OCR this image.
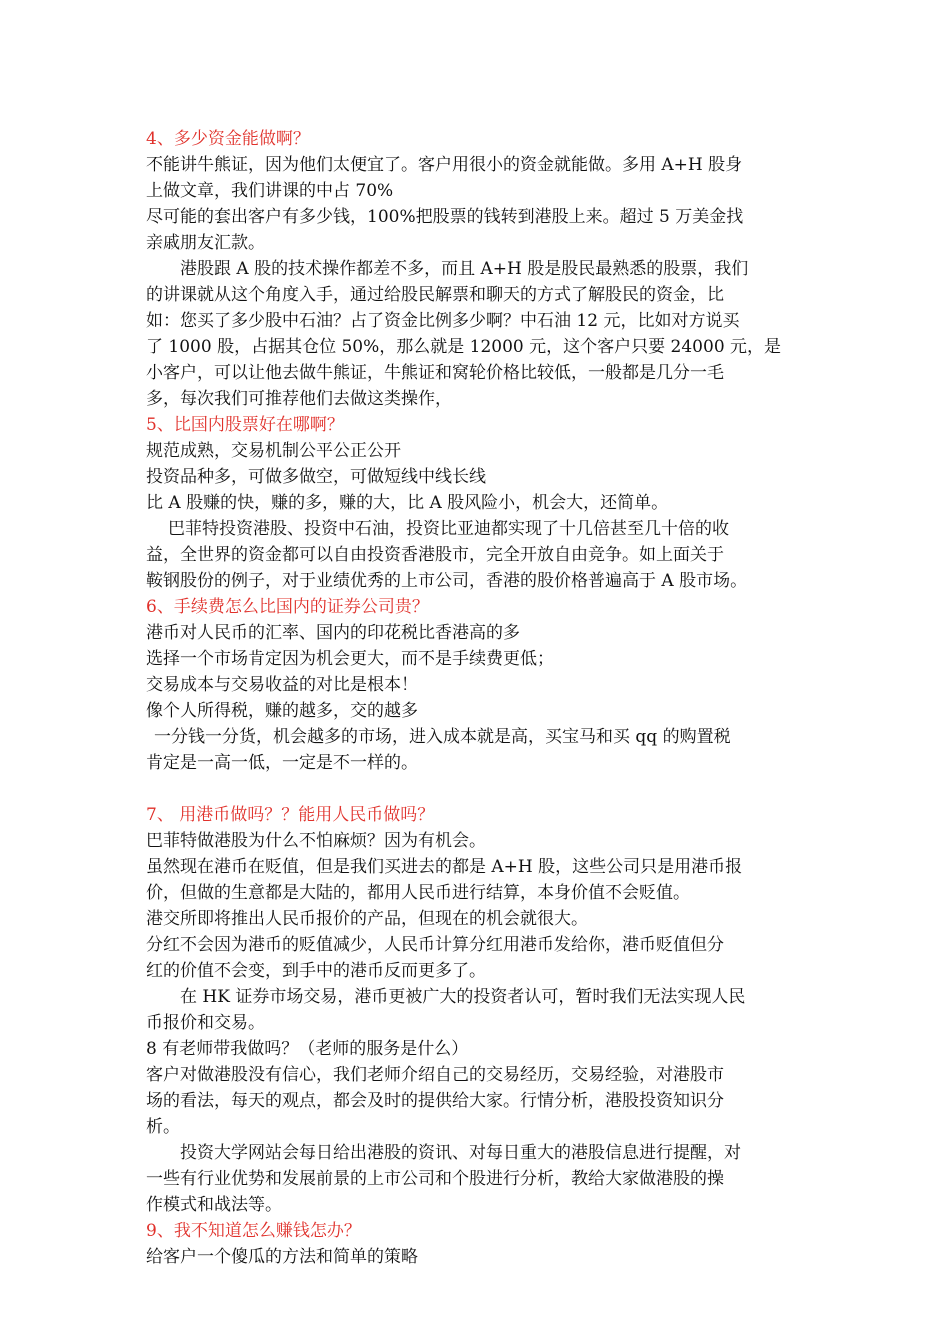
4、多少资金能做啊？
不能讲牛熊证，因为他们太便宜了。客户用很小的资金就能做。多用 A+H 股身
上做文章，我们讲课的中占 70%
尽可能的套出客户有多少钱，100%把股票的钱转到港股上来。超过 5 万美金找
亲戚朋友汇款。
港股跟 A 股的技术操作都差不多，而且 A+H 股是股民最熟悉的股票，我们
的讲课就从这个角度入手，通过给股民解票和聊天的方式了解股民的资金，比
如：您买了多少股中石油？占了资金比例多少啊？中石油 12 元，比如对方说买
了 1000 股，占据其仓位 50%，那么就是 12000 元，这个客户只要 24000 元，是
小客户，可以让他去做牛熊证，牛熊证和窝轮价格比较低，一般都是几分一毛
多，每次我们可推荐他们去做这类操作，
5、比国内股票好在哪啊？
规范成熟，交易机制公平公正公开
投资品种多，可做多做空，可做短线中线长线
比 A 股赚的快，赚的多，赚的大，比 A 股风险小，机会大，还简单。
巴菲特投资港股、投资中石油，投资比亚迪都实现了十几倍甚至几十倍的收
益，全世界的资金都可以自由投资香港股市，完全开放自由竞争。如上面关于
鞍钢股份的例子，对于业绩优秀的上市公司，香港的股价格普遍高于 A 股市场。
6、手续费怎么比国内的证券公司贵？
港币对人民币的汇率、国内的印花税比香港高的多
选择一个市场肯定因为机会更大，而不是手续费更低；
交易成本与交易收益的对比是根本！
像个人所得税，赚的越多，交的越多
一分钱一分货，机会越多的市场，进入成本就是高，买宝马和买 qq 的购置税
肯定是一高一低，一定是不一样的。
7、 用港币做吗？？能用人民币做吗？
巴菲特做港股为什么不怕麻烦？因为有机会。
虽然现在港币在贬值，但是我们买进去的都是 A+H 股，这些公司只是用港币报
价，但做的生意都是大陆的，都用人民币进行结算，本身价值不会贬值。
港交所即将推出人民币报价的产品，但现在的机会就很大。
分红不会因为港币的贬值减少，人民币计算分红用港币发给你，港币贬值但分
红的价值不会变，到手中的港币反而更多了。
在 HK 证券市场交易，港币更被广大的投资者认可，暂时我们无法实现人民
币报价和交易。
8 有老师带我做吗？（老师的服务是什么）
客户对做港股没有信心，我们老师介绍自己的交易经历，交易经验，对港股市
场的看法，每天的观点，都会及时的提供给大家。行情分析，港股投资知识分
析。
投资大学网站会每日给出港股的资讯、对每日重大的港股信息进行提醒，对
一些有行业优势和发展前景的上市公司和个股进行分析，教给大家做港股的操
作模式和战法等。
9、我不知道怎么赚钱怎办？
给客户一个傻瓜的方法和简单的策略
